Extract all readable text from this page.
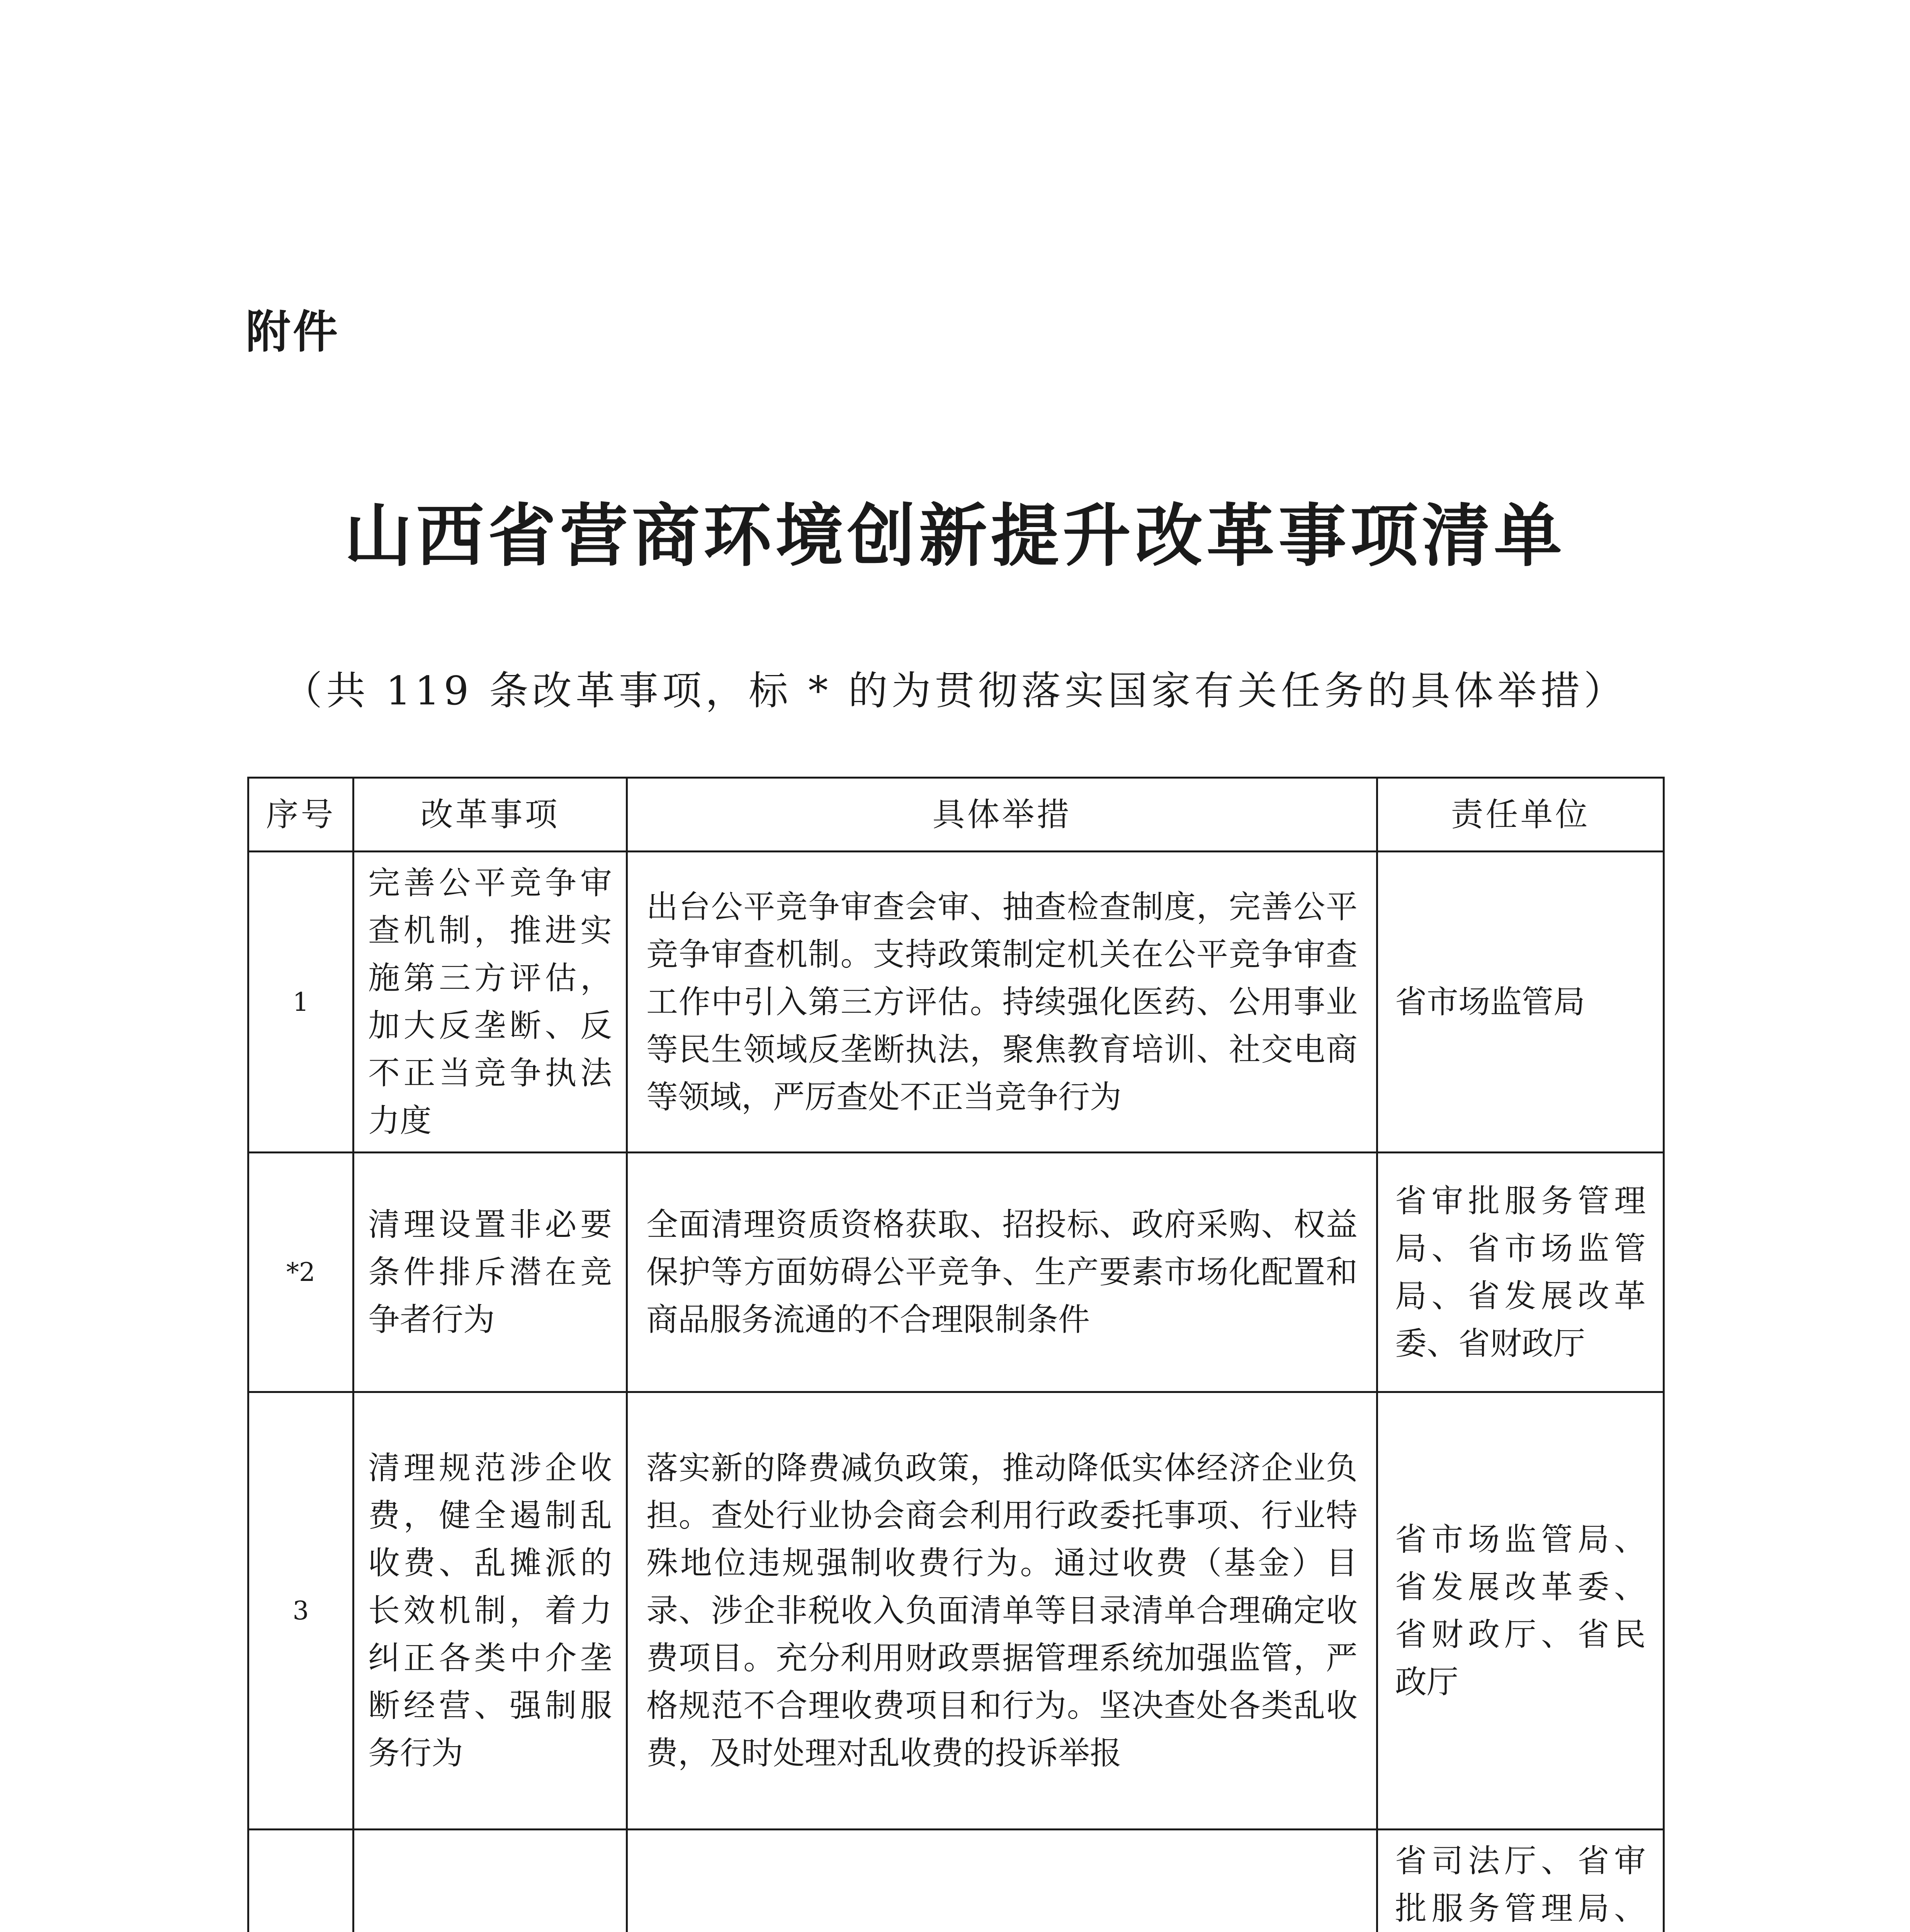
附件
山西省营商环境创新提升改革事项清单
（共 119 条改革事项，标 * 的为贯彻落实国家有关任务的具体举措）
序号	改革事项	具体举措	责任单位
1	完善公平竞争审查机制，推进实施第三方评估，加大反垄断、反不正当竞争执法力度	出台公平竞争审查会审、抽查检查制度，完善公平竞争审查机制。支持政策制定机关在公平竞争审查工作中引入第三方评估。持续强化医药、公用事业等民生领域反垄断执法，聚焦教育培训、社交电商等领域，严厉查处不正当竞争行为	省市场监管局
*2	清理设置非必要条件排斥潜在竞争者行为	全面清理资质资格获取、招投标、政府采购、权益保护等方面妨碍公平竞争、生产要素市场化配置和商品服务流通的不合理限制条件	省审批服务管理局、省市场监管局、省发展改革委、省财政厅
3	清理规范涉企收费，健全遏制乱收费、乱摊派的长效机制，着力纠正各类中介垄断经营、强制服务行为	落实新的降费减负政策，推动降低实体经济企业负担。查处行业协会商会利用行政委托事项、行业特殊地位违规强制收费行为。通过收费（基金）目录、涉企非税收入负面清单等目录清单合理确定收费项目。充分利用财政票据管理系统加强监管，严格规范不合理收费项目和行为。坚决查处各类乱收费，及时处理对乱收费的投诉举报	省市场监管局、省发展改革委、省财政厅、省民政厅
			省司法厅、省审批服务管理局、
